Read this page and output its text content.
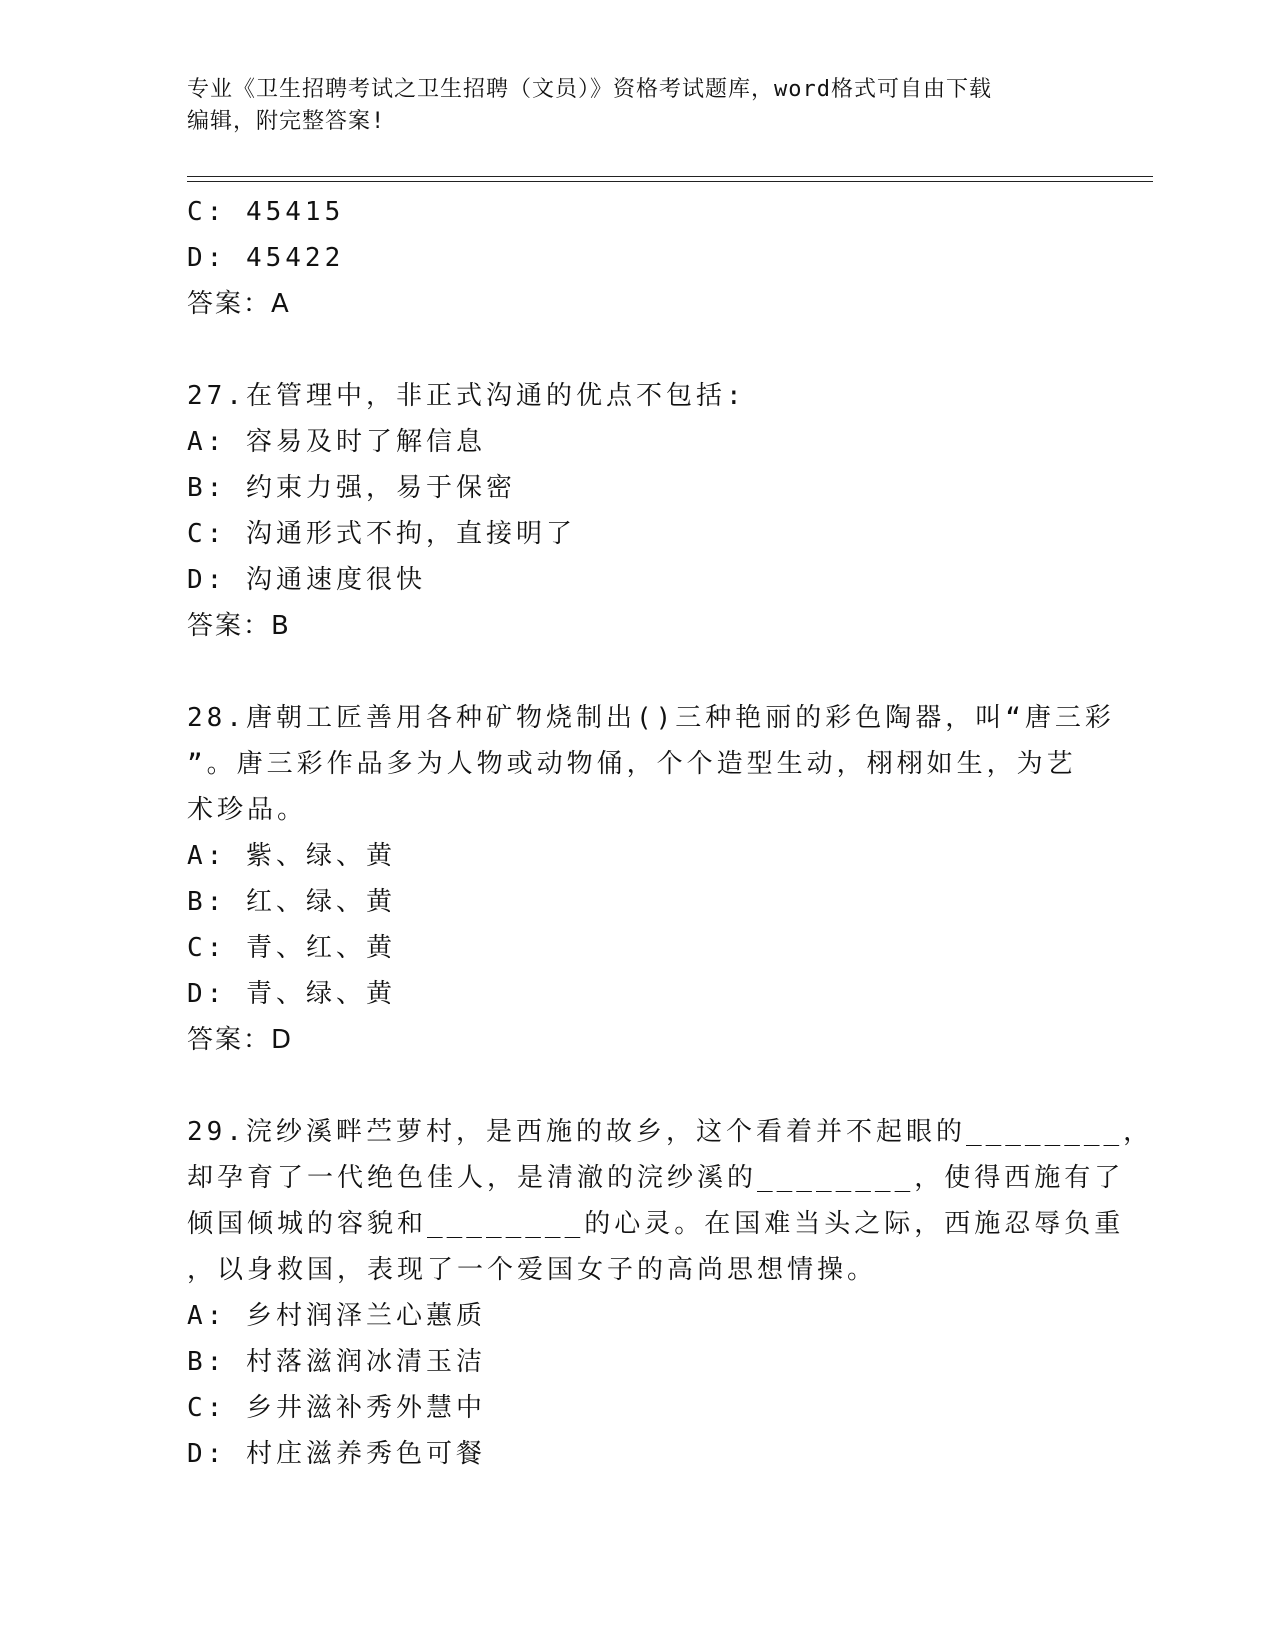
专业《卫生招聘考试之卫生招聘（文员）》资格考试题库，word格式可自由下载
编辑，附完整答案!
C: 45415
D: 45422
答案：A
27.在管理中，非正式沟通的优点不包括:
A: 容易及时了解信息
B: 约束力强，易于保密
C: 沟通形式不拘，直接明了
D: 沟通速度很快
答案：B
28.唐朝工匠善用各种矿物烧制出()三种艳丽的彩色陶器，叫“唐三彩
”。唐三彩作品多为人物或动物俑，个个造型生动，栩栩如生，为艺
术珍品。
A: 紫、绿、黄
B: 红、绿、黄
C: 青、红、黄
D: 青、绿、黄
答案：D
29.浣纱溪畔苎萝村，是西施的故乡，这个看着并不起眼的________，
却孕育了一代绝色佳人，是清澈的浣纱溪的________，使得西施有了
倾国倾城的容貌和________的心灵。在国难当头之际，西施忍辱负重
，以身救国，表现了一个爱国女子的高尚思想情操。
A: 乡村润泽兰心蕙质
B: 村落滋润冰清玉洁
C: 乡井滋补秀外慧中
D: 村庄滋养秀色可餐
